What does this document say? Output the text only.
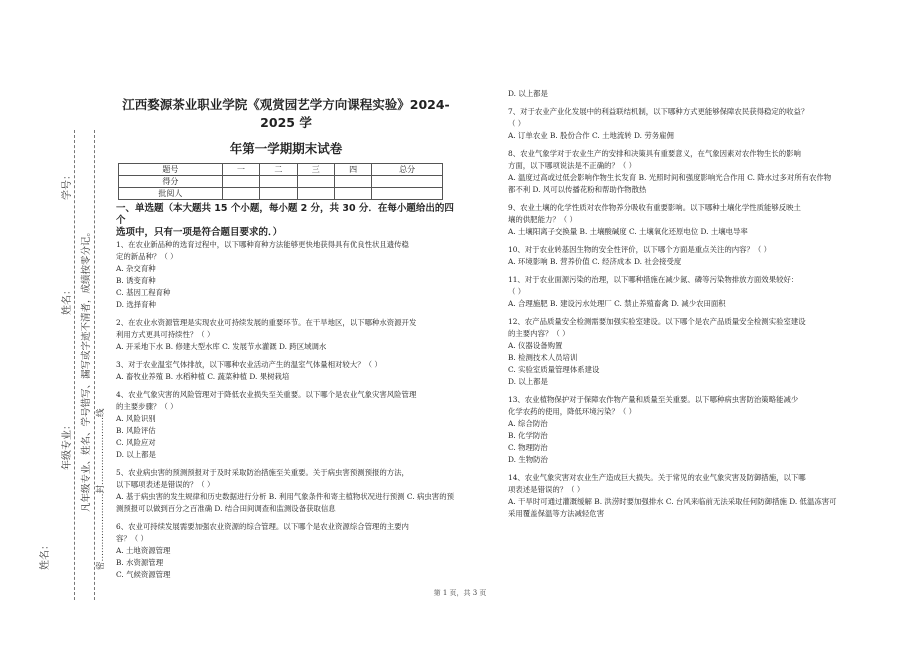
学号：
姓名：
年级专业：
姓名：
凡年级专业、姓名、学号错写、漏写或字迹不清者，成绩按零分记。 密……………………封……………………线
江西婺源茶业职业学院《观赏园艺学方向课程实验》2024-2025 学
年第一学期期末试卷
题号	一	二	三	四	总分
得分					
批阅人					
一、单选题（本大题共 15 个小题，每小题 2 分，共 30 分．在每小题给出的四个
选项中，只有一项是符合题目要求的．）

1、在农业新品种的选育过程中，以下哪种育种方法能够更快地获得具有优良性状且遗传稳

定的新品种？（ ）

A. 杂交育种

B. 诱变育种

C. 基因工程育种

D. 选择育种

2、在农业水资源管理是实现农业可持续发展的重要环节。在干旱地区，以下哪种水资源开发

利用方式更具可持续性？（ ）

A. 开采地下水 B. 修建大型水库 C. 发展节水灌溉 D. 跨区域调水

3、对于农业温室气体排放，以下哪种农业活动产生的温室气体量相对较大？（ ）

A. 畜牧业养殖 B. 水稻种植 C. 蔬菜种植 D. 果树栽培

4、农业气象灾害的风险管理对于降低农业损失至关重要。以下哪个是农业气象灾害风险管理

的主要步骤？（ ）

A. 风险识别

B. 风险评估

C. 风险应对

D. 以上都是

5、农业病虫害的预测预报对于及时采取防治措施至关重要。关于病虫害预测预报的方法，

以下哪项表述是错误的？（ ）

A. 基于病虫害的发生规律和历史数据进行分析 B. 利用气象条件和寄主植物状况进行预测 C. 病虫害的预测预报可以做到百分之百准确 D. 结合田间调查和监测设备获取信息

6、农业可持续发展需要加强农业资源的综合管理。以下哪个是农业资源综合管理的主要内

容？（ ）

A. 土地资源管理

B. 水资源管理

C. 气候资源管理

D. 以上都是

7、对于农业产业化发展中的利益联结机制，以下哪种方式更能够保障农民获得稳定的收益？

（ ）

A. 订单农业 B. 股份合作 C. 土地流转 D. 劳务雇佣

8、农业气象学对于农业生产的安排和决策具有重要意义，在气象因素对农作物生长的影响

方面，以下哪项说法是不正确的？（ ）

A. 温度过高或过低会影响作物生长发育 B. 光照时间和强度影响光合作用 C. 降水过多对所有农作物都不利 D. 风可以传播花粉和帮助作物散热

9、农业土壤的化学性质对农作物养分吸收有重要影响。以下哪种土壤化学性质能够反映土

壤的供肥能力？（ ）

A. 土壤阳离子交换量 B. 土壤酸碱度 C. 土壤氧化还原电位 D. 土壤电导率

10、对于农业转基因生物的安全性评价，以下哪个方面是重点关注的内容？（ ）

A. 环境影响 B. 营养价值 C. 经济成本 D. 社会接受度

11、对于农业面源污染的治理，以下哪种措施在减少氮、磷等污染物排放方面效果较好：

（ ）

A. 合理施肥 B. 建设污水处理厂 C. 禁止养殖畜禽 D. 减少农田面积

12、农产品质量安全检测需要加强实验室建设。以下哪个是农产品质量安全检测实验室建设

的主要内容？（ ）

A. 仪器设备购置

B. 检测技术人员培训

C. 实验室质量管理体系建设

D. 以上都是

13、农业植物保护对于保障农作物产量和质量至关重要。以下哪种病虫害防治策略能减少

化学农药的使用，降低环境污染？（ ）

A. 综合防治

B. 化学防治

C. 物理防治

D. 生物防治

14、农业气象灾害对农业生产造成巨大损失。关于常见的农业气象灾害及防御措施，以下哪

项表述是错误的？（ ）

A. 干旱时可通过灌溉缓解 B. 洪涝时要加强排水 C. 台风来临前无法采取任何防御措施 D. 低温冻害可采用覆盖保温等方法减轻危害

第 1 页，共 3 页
